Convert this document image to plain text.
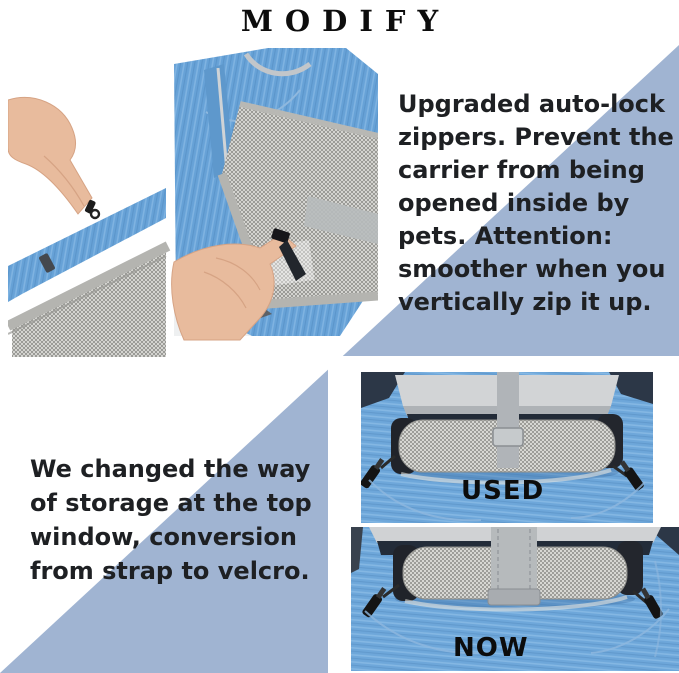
MODIFY
Upgraded auto-lock
zippers. Prevent the
carrier from being
opened inside by
pets. Attention:
smoother when you
vertically zip it up.
We changed the way
of storage at the top
window, conversion
from strap to velcro.
USED
NOW
